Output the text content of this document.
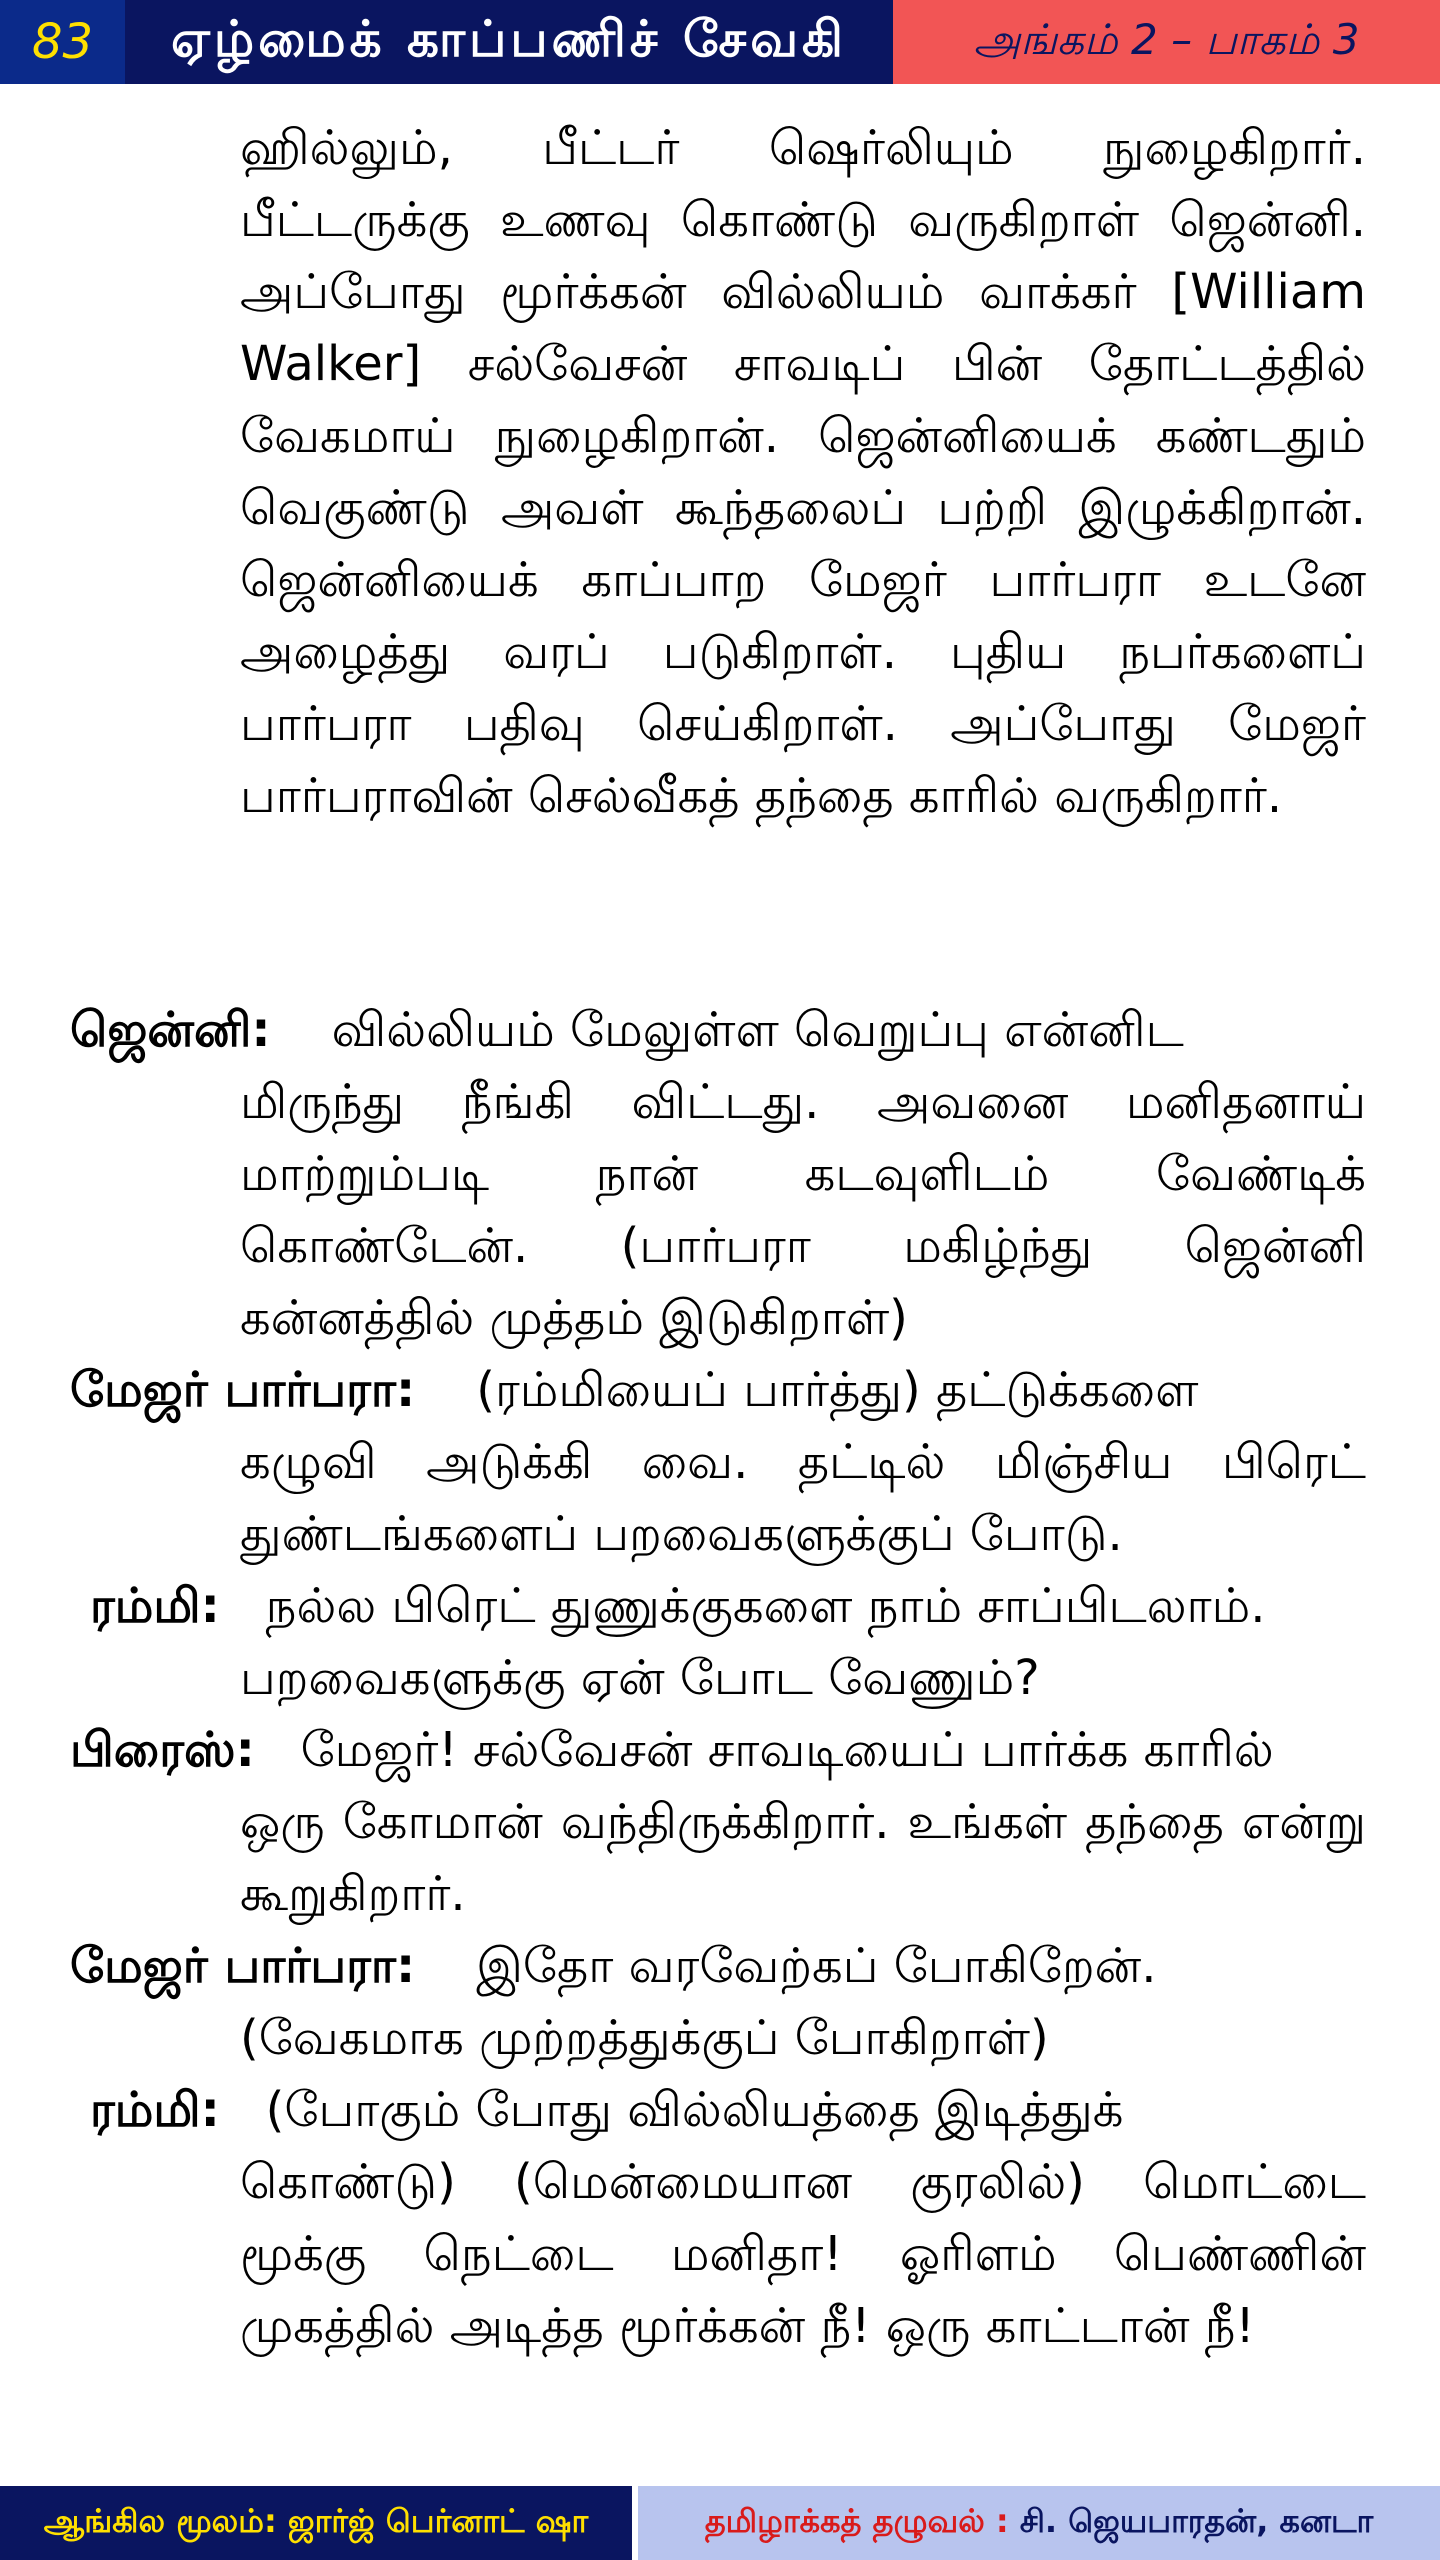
83	ஏழ்மைக் காப்பணிச் சேவகி	அங்கம் 2 – பாகம் 3
ஹில்லும், பீட்டர் ஷெர்லியும் நுழைகிறார். பீட்டருக்கு உணவு கொண்டு வருகிறாள் ஜென்னி. அப்போது மூர்க்கன் வில்லியம் வாக்கர் [William Walker] சல்வேசன் சாவடிப் பின் தோட்டத்தில் வேகமாய் நுழைகிறான். ஜென்னியைக் கண்டதும் வெகுண்டு அவள் கூந்தலைப் பற்றி இழுக்கிறான். ஜென்னியைக் காப்பாற மேஜர் பார்பரா உடனே அழைத்து வரப் படுகிறாள். புதிய நபர்களைப் பார்பரா பதிவு செய்கிறாள். அப்போது மேஜர் பார்பராவின் செல்வீகத் தந்தை காரில் வருகிறார்.
ஜென்னி: வில்லியம் மேலுள்ள வெறுப்பு என்னிட
மிருந்து நீங்கி விட்டது. அவனை மனிதனாய் மாற்றும்படி நான் கடவுளிடம் வேண்டிக் கொண்டேன். (பார்பரா மகிழ்ந்து ஜென்னி கன்னத்தில் முத்தம் இடுகிறாள்)
மேஜர் பார்பரா: (ரம்மியைப் பார்த்து) தட்டுக்களை
கழுவி அடுக்கி வை. தட்டில் மிஞ்சிய பிரெட் துண்டங்களைப் பறவைகளுக்குப் போடு.
ரம்மி: நல்ல பிரெட் துணுக்குகளை நாம் சாப்பிடலாம்.
பறவைகளுக்கு ஏன் போட வேணும்?
பிரைஸ்: மேஜர்! சல்வேசன் சாவடியைப் பார்க்க காரில்
ஒரு கோமான் வந்திருக்கிறார். உங்கள் தந்தை என்று கூறுகிறார்.
மேஜர் பார்பரா: இதோ வரவேற்கப் போகிறேன்.
(வேகமாக முற்றத்துக்குப் போகிறாள்)
ரம்மி: (போகும் போது வில்லியத்தை இடித்துக்
கொண்டு) (மென்மையான குரலில்) மொட்டை மூக்கு நெட்டை மனிதா! ஓரிளம் பெண்ணின் முகத்தில் அடித்த மூர்க்கன் நீ! ஒரு காட்டான் நீ!
ஆங்கில மூலம்: ஜார்ஜ் பெர்னாட் ஷா	தமிழாக்கத் தழுவல் :
சி. ஜெயபாரதன், கனடா
